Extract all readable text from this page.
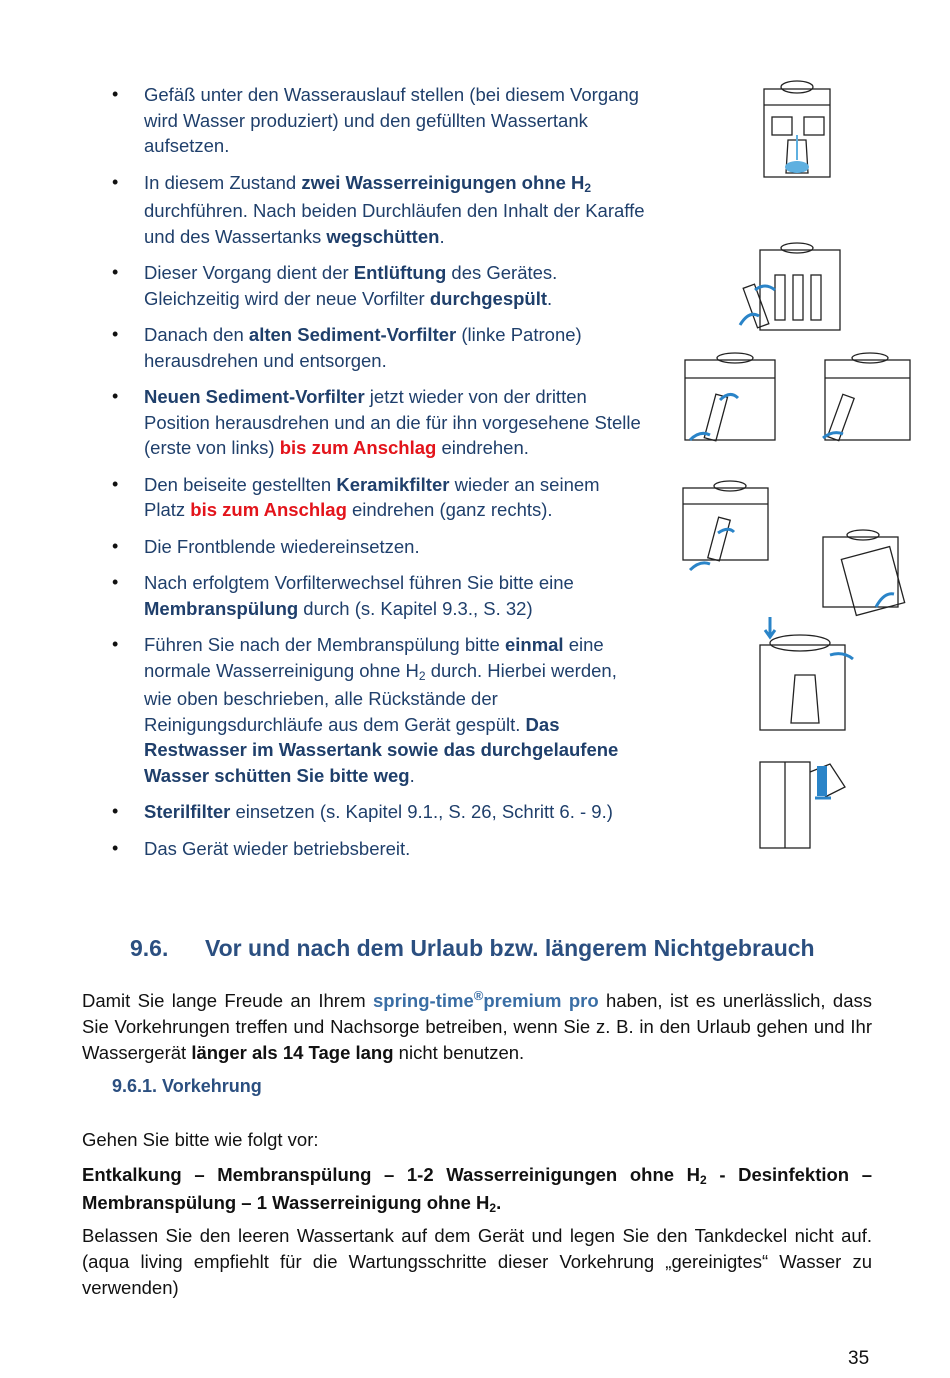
• Gefäß unter den Wasserauslauf stellen (bei diesem Vorgang wird Wasser produziert) und den gefüllten Wassertank aufsetzen.
• In diesem Zustand zwei Wasserreinigungen ohne $H_2$ durchführen. Nach beiden Durchläufen den Inhalt der Karaffe und des Wassertanks wegschütten.
• Dieser Vorgang dient der Entlüftung des Gerätes. Gleichzeitig wird der neue Vorfilter durchgespült.
• Danach den alten Sediment-Vorfilter (linke Patrone) herausdrehen und entsorgen.
• Neuen Sediment-Vorfilter jetzt wieder von der dritten Position herausdrehen und an die für ihn vorgesehene Stelle (erste von links) bis zum Anschlag eindrehen.
• Den beiseite gestellten Keramikfilter wieder an seinem Platz bis zum Anschlag eindrehen (ganz rechts).
• Die Frontblende wiedereinsetzen.
• Nach erfolgtem Vorfilterwechsel führen Sie bitte eine Membranspülung durch (s. Kapitel 9.3., S. 32)
• Führen Sie nach der Membranspülung bitte einmal eine normale Wasserreinigung ohne $H_2$ durch. Hierbei werden, wie oben beschrieben, alle Rückstände der Reinigungsdurchläufe aus dem Gerät gespült. Das Restwasser im Wassertank sowie das durchgelaufene Wasser schütten Sie bitte weg.
• Sterilfilter einsetzen (s. Kapitel 9.1., S. 26, Schritt 6. - 9.)
• Das Gerät wieder betriebsbereit.
9.6. Vor und nach dem Urlaub bzw. längerem Nichtgebrauch
Damit Sie lange Freude an Ihrem spring-time®premium pro haben, ist es unerlässlich, dass Sie Vorkehrungen treffen und Nachsorge betreiben, wenn Sie z. B. in den Urlaub gehen und Ihr Wassergerät länger als 14 Tage lang nicht benutzen.
9.6.1. Vorkehrung
Gehen Sie bitte wie folgt vor:
Entkalkung – Membranspülung – 1-2 Wasserreinigungen ohne $H_2$ - Desinfektion – Membranspülung – 1 Wasserreinigung ohne $H_2$.
Belassen Sie den leeren Wassertank auf dem Gerät und legen Sie den Tankdeckel nicht auf. (aqua living empfiehlt für die Wartungsschritte dieser Vorkehrung „gereinigtes“ Wasser zu verwenden)
35
